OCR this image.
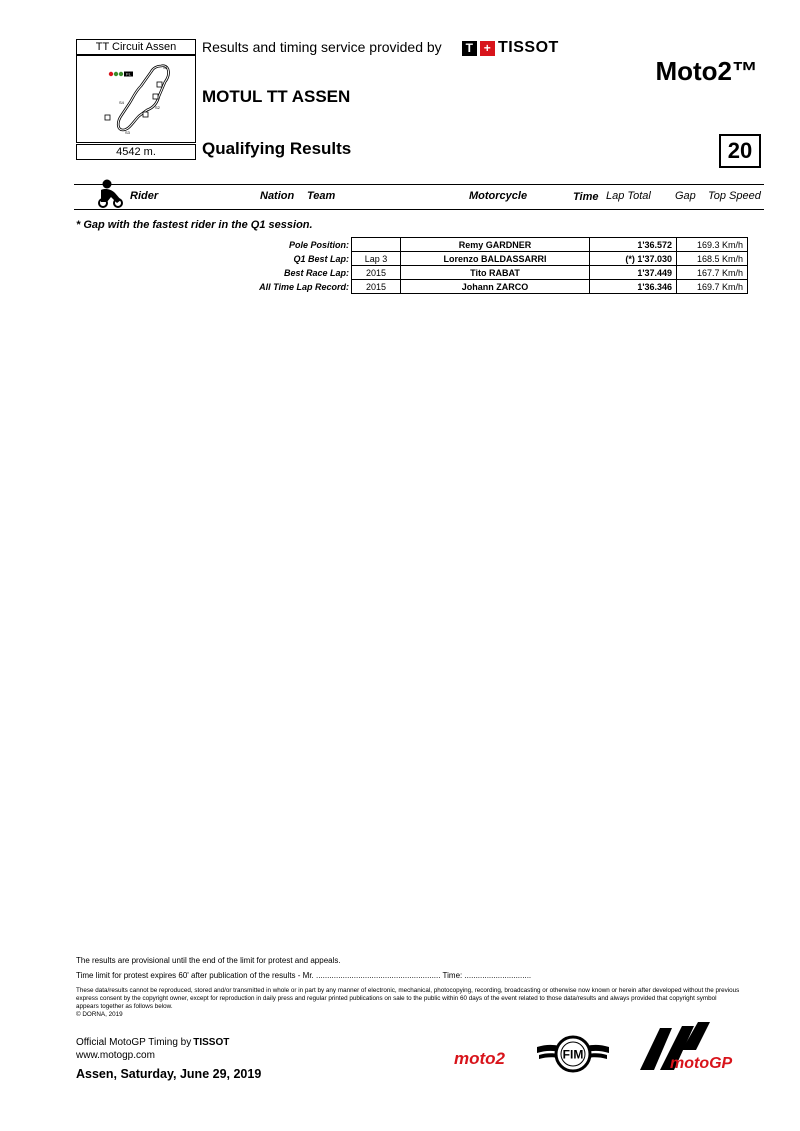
TT Circuit Assen
FL
S1
S2
S3
S4
4542 m.
Results and timing service provided by T + TISSOT
Moto2™
MOTUL TT ASSEN
Qualifying Results	20
Rider	Nation Team	Motorcycle	Time Lap Total Gap Top Speed
* Gap with the fastest rider in the Q1 session.
Pole Position:		Remy GARDNER	1'36.572	169.3 Km/h
Q1 Best Lap:	Lap 3	Lorenzo BALDASSARRI	(*) 1'37.030	168.5 Km/h
Best Race Lap:	2015	Tito RABAT	1'37.449	167.7 Km/h
All Time Lap Record:	2015	Johann ZARCO	1'36.346	169.7 Km/h
The results are provisional until the end of the limit for protest and appeals.
Time limit for protest expires 60' after publication of the results - Mr. ........................................................ Time: ..............................
These data/results cannot be reproduced, stored and/or transmitted in whole or in part by any manner of electronic, mechanical, photocopying, recording, broadcasting or otherwise now known or herein after developed without the previous express consent by the copyright owner, except for reproduction in daily press and regular printed publications on sale to the public within 60 days of the event related to those data/results and always provided that copyright symbol appears together as follows below.
© DORNA, 2019
Official MotoGP Timing by TISSOT
www.motogp.com
Assen, Saturday, June 29, 2019
moto2	FIM
motoGP
